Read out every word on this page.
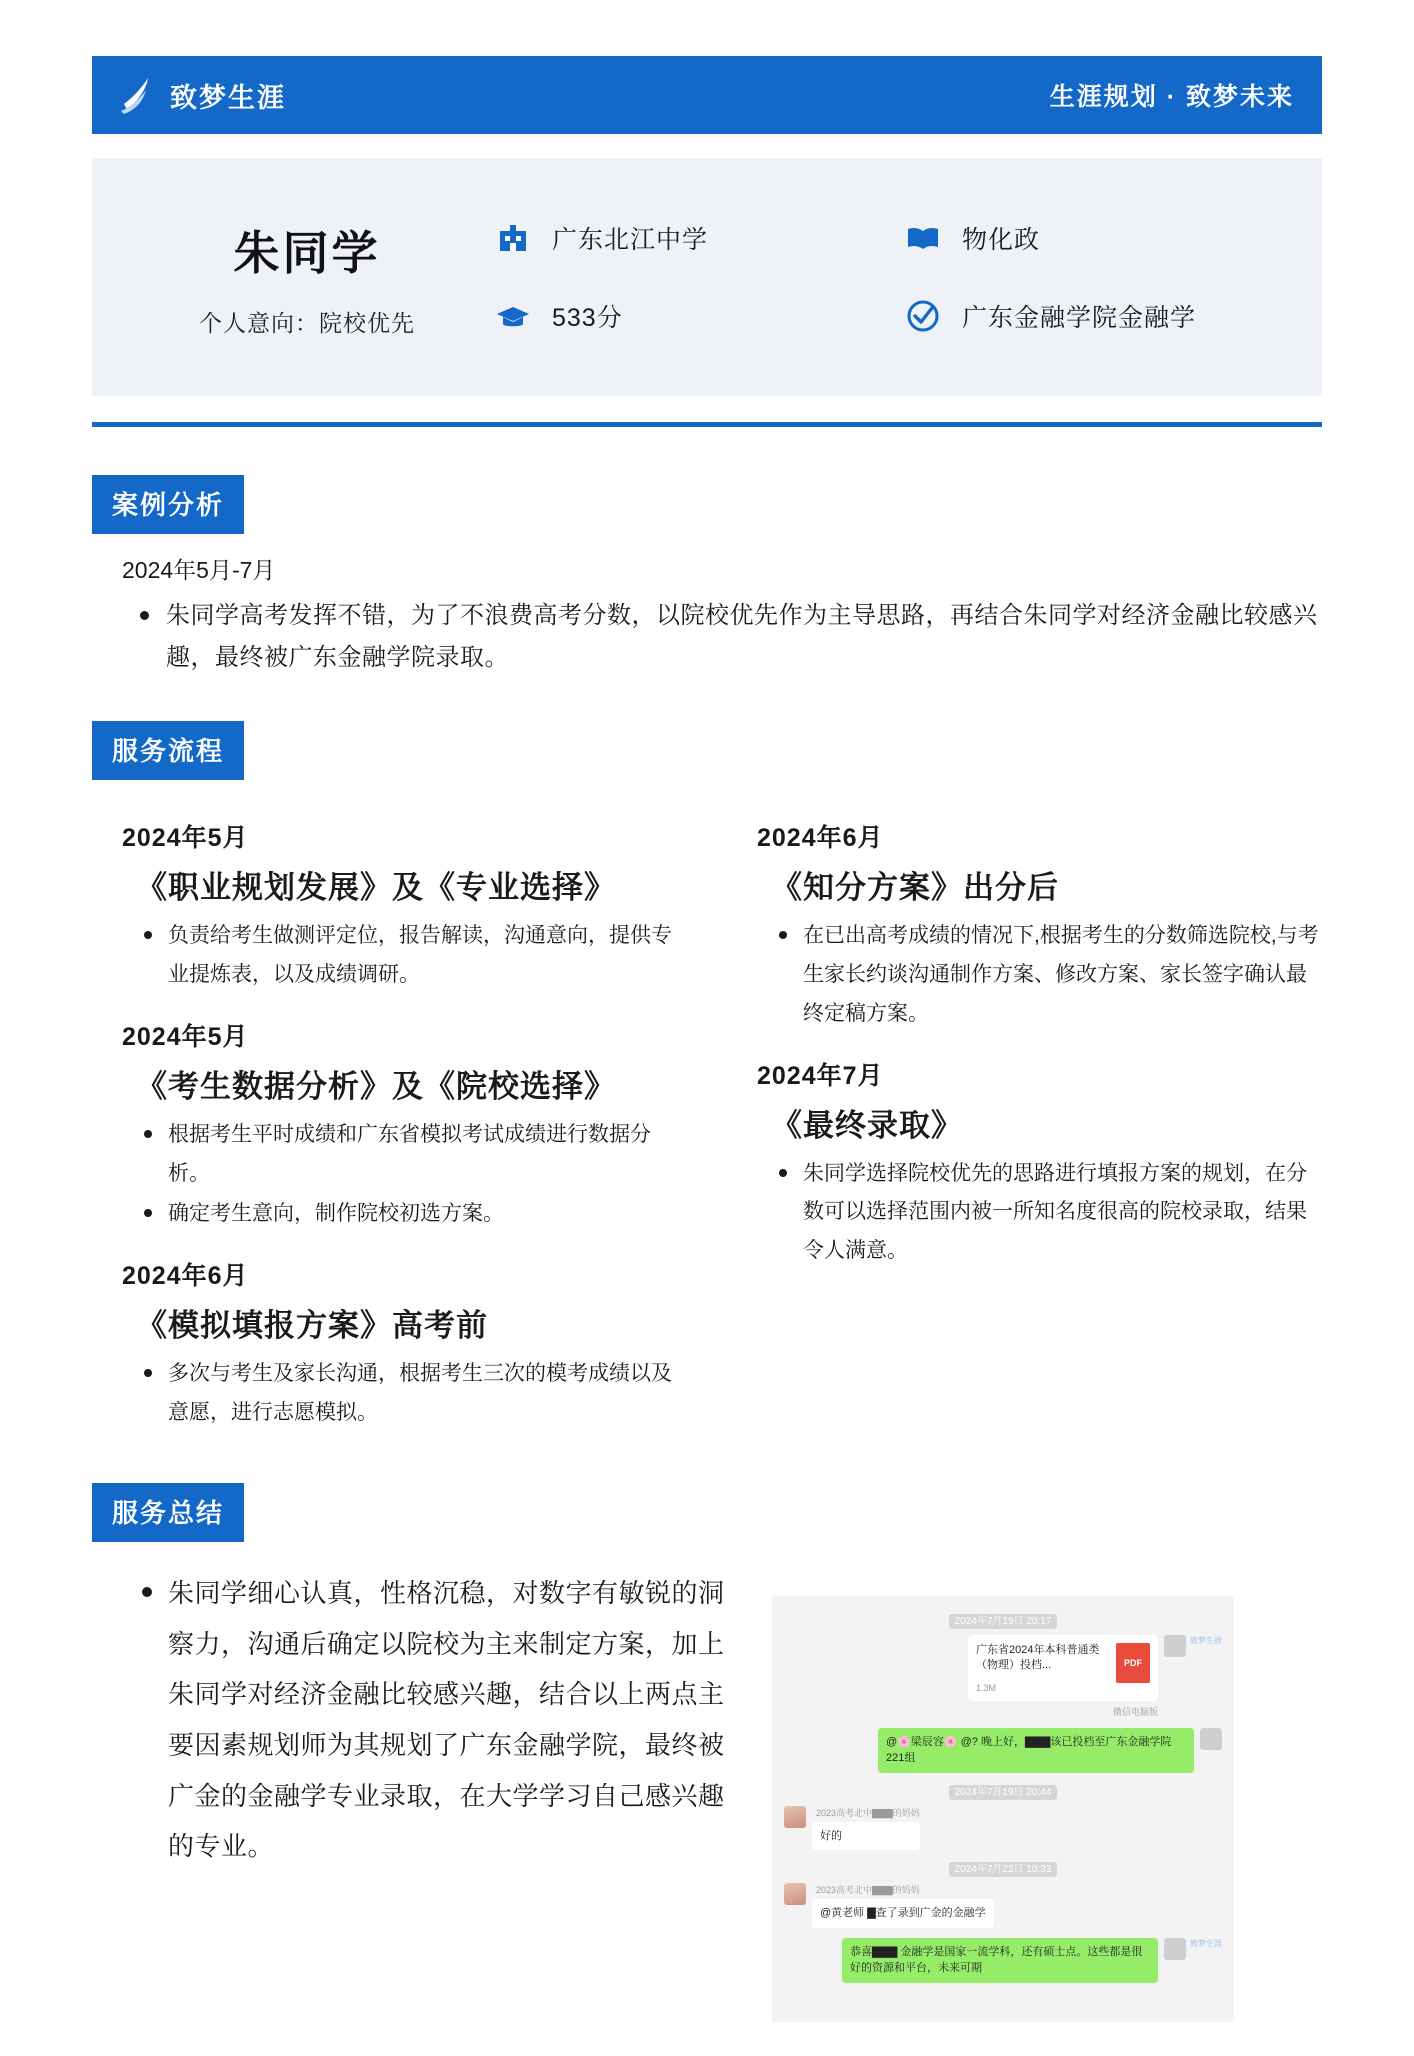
致梦生涯	生涯规划 · 致梦未来
朱同学
个人意向：院校优先
广东北江中学
533分
物化政
广东金融学院金融学
案例分析
2024年5月-7月
朱同学高考发挥不错，为了不浪费高考分数，以院校优先作为主导思路，再结合朱同学对经济金融比较感兴趣，最终被广东金融学院录取。
服务流程
2024年5月
《职业规划发展》及《专业选择》
负责给考生做测评定位，报告解读，沟通意向，提供专业提炼表，以及成绩调研。
2024年5月
《考生数据分析》及《院校选择》
根据考生平时成绩和广东省模拟考试成绩进行数据分析。
确定考生意向，制作院校初选方案。
2024年6月
《模拟填报方案》高考前
多次与考生及家长沟通，根据考生三次的模考成绩以及意愿，进行志愿模拟。
2024年6月
《知分方案》出分后
在已出高考成绩的情况下,根据考生的分数筛选院校,与考生家长约谈沟通制作方案、修改方案、家长签字确认最终定稿方案。
2024年7月
《最终录取》
朱同学选择院校优先的思路进行填报方案的规划，在分数可以选择范围内被一所知名度很高的院校录取，结果令人满意。
服务总结
朱同学细心认真，性格沉稳，对数字有敏锐的洞察力，沟通后确定以院校为主来制定方案，加上朱同学对经济金融比较感兴趣，结合以上两点主要因素规划师为其规划了广东金融学院，最终被广金的金融学专业录取，在大学学习自己感兴趣的专业。
2024年7月19日 20:17
广东省2024年本科普通类（物理）投档...
1.3M
PDF
微信电脑版
致梦生涯
@🌸梁辰容🌸 @? 晚上好，▇▇▇该已投档至广东金融学院221组
2024年7月19日 20:44
2023高考北中▇▇▇的妈妈
好的
2024年7月22日 10:33
2023高考北中▇▇▇的妈妈
@黄老师 ▇查了录到广金的金融学
恭喜▇▇▇ 金融学是国家一流学科，还有硕士点。这些都是很好的资源和平台，未来可期
致梦生涯
